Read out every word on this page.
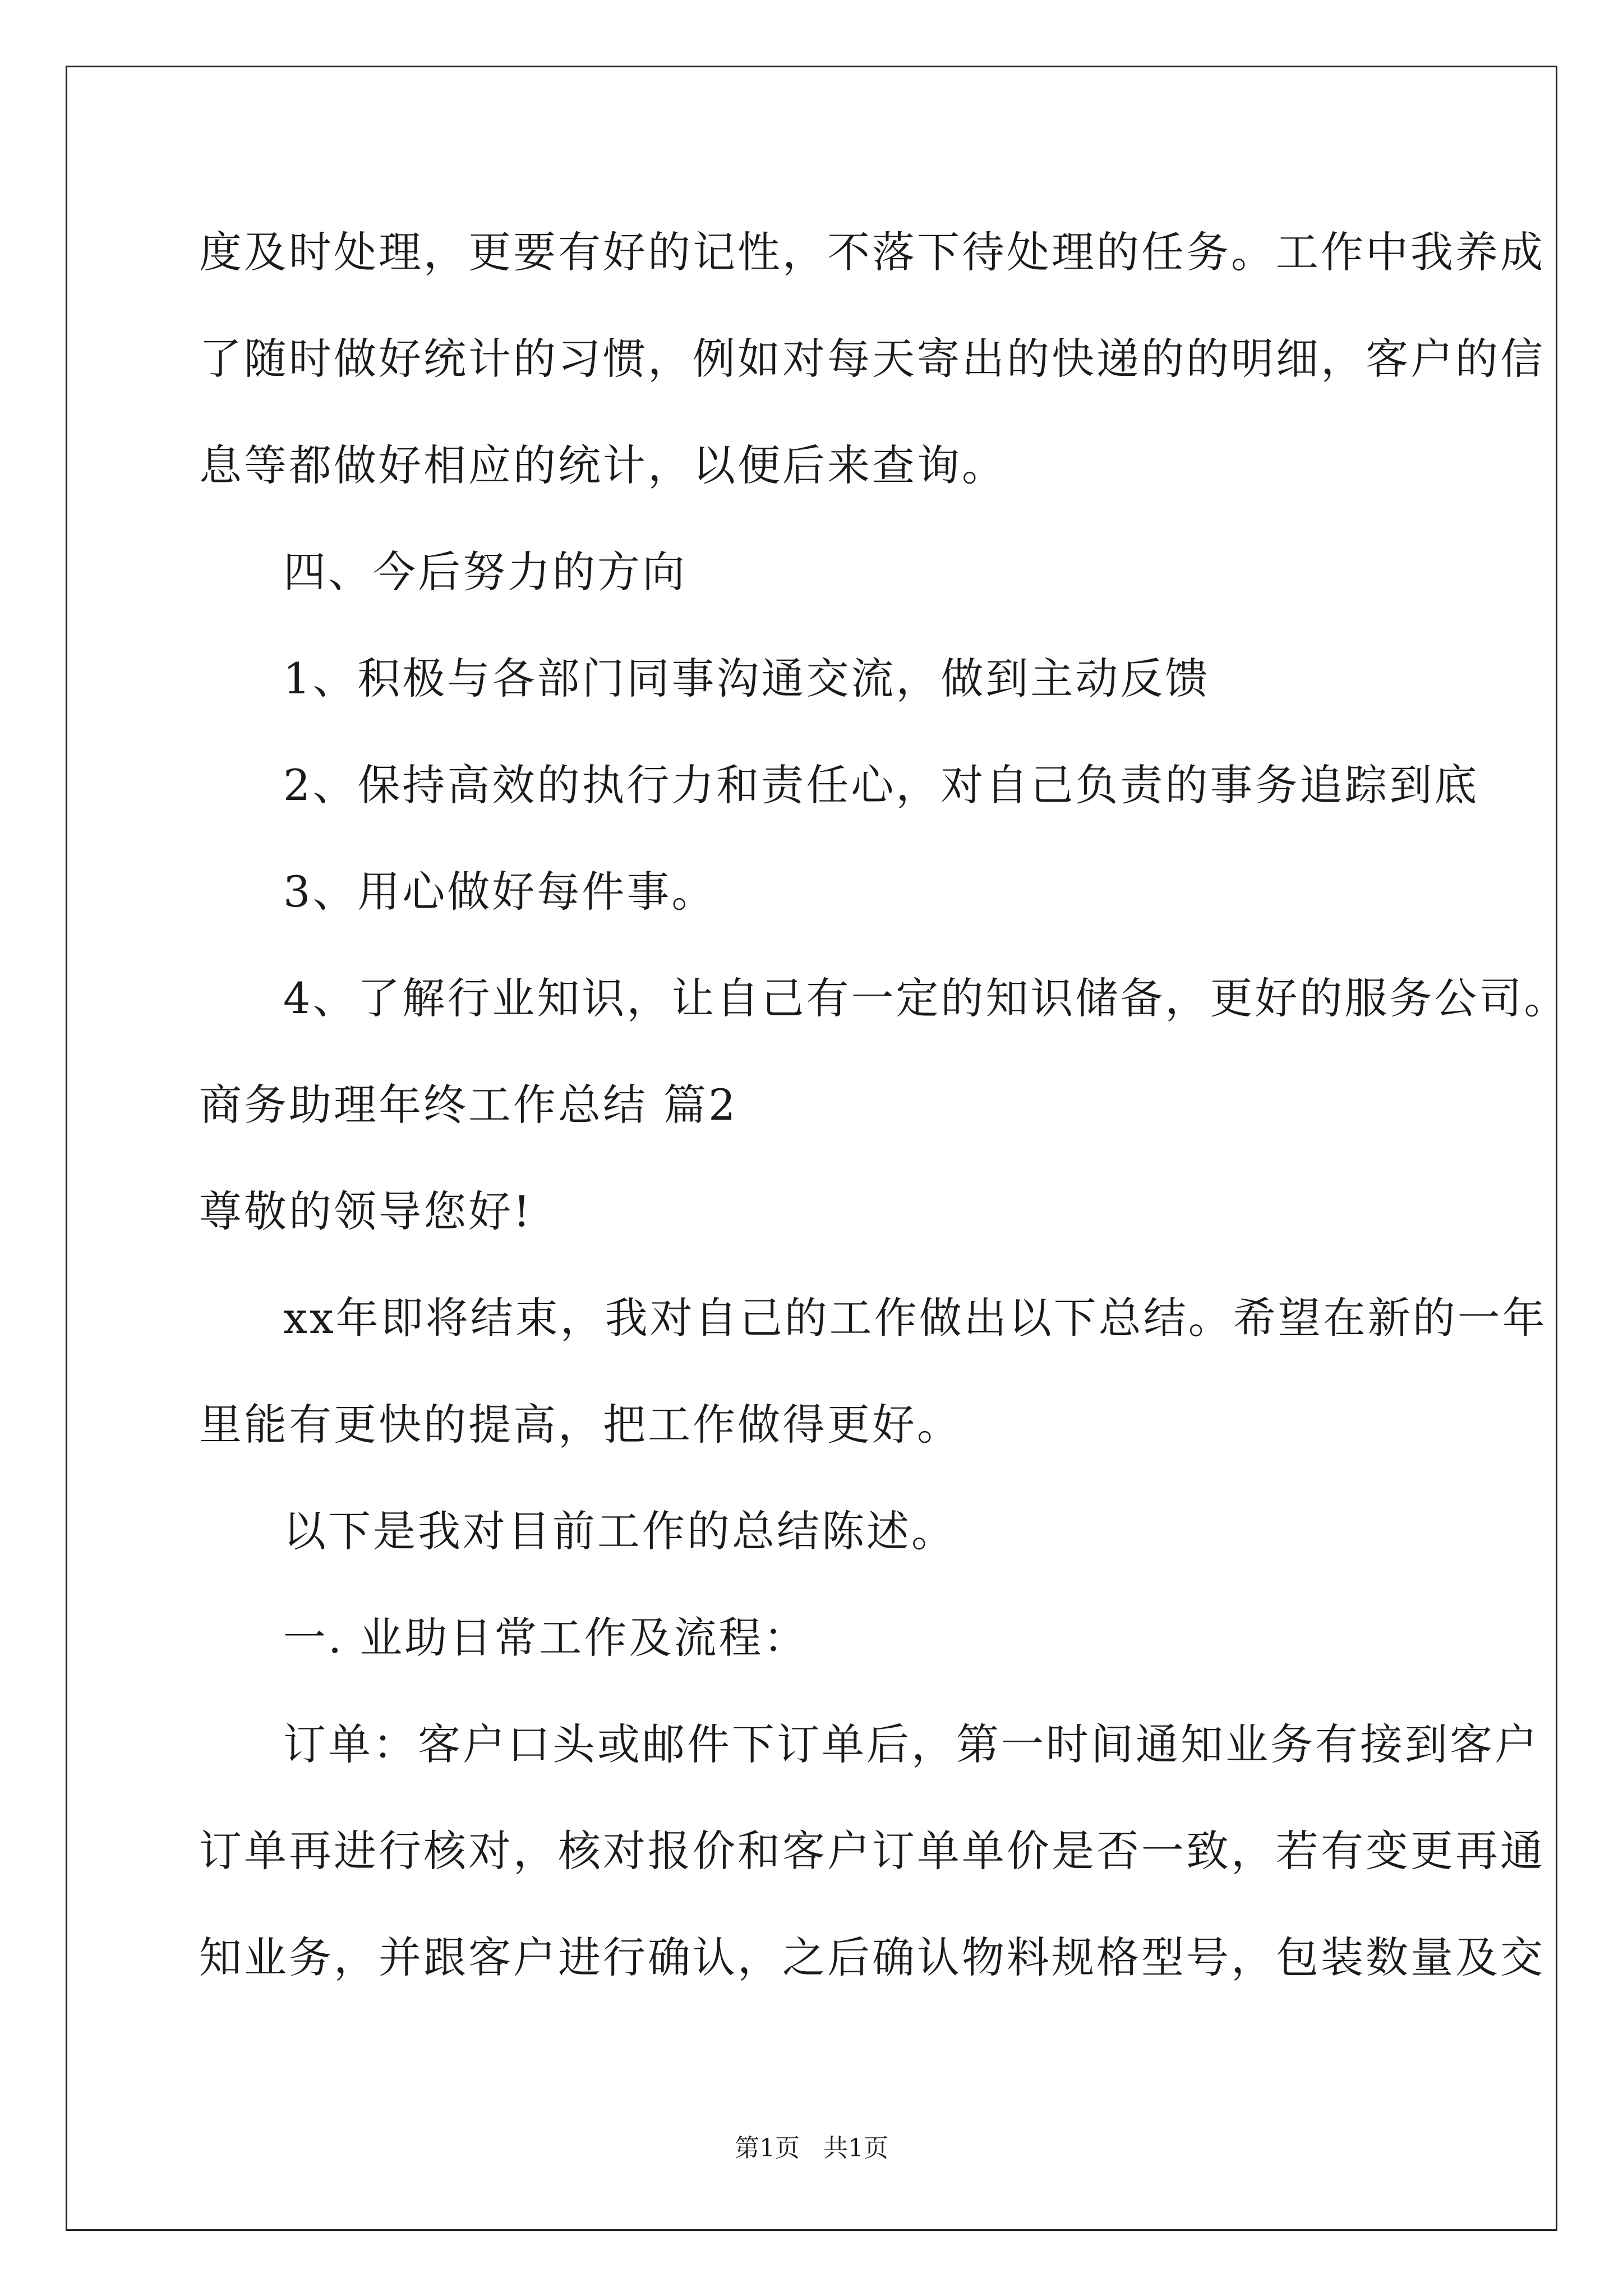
度及时处理，更要有好的记性，不落下待处理的任务。工作中我养成
了随时做好统计的习惯，例如对每天寄出的快递的的明细，客户的信
息等都做好相应的统计，以便后来查询。
四、今后努力的方向
1、积极与各部门同事沟通交流，做到主动反馈
2、保持高效的执行力和责任心，对自己负责的事务追踪到底
3、用心做好每件事。
4、了解行业知识，让自己有一定的知识储备，更好的服务公司。
商务助理年终工作总结 篇2
尊敬的领导您好!
xx年即将结束，我对自己的工作做出以下总结。希望在新的一年
里能有更快的提高，把工作做得更好。
以下是我对目前工作的总结陈述。
一. 业助日常工作及流程：
订单：客户口头或邮件下订单后，第一时间通知业务有接到客户
订单再进行核对，核对报价和客户订单单价是否一致，若有变更再通
知业务，并跟客户进行确认，之后确认物料规格型号，包装数量及交
第1页   共1页
